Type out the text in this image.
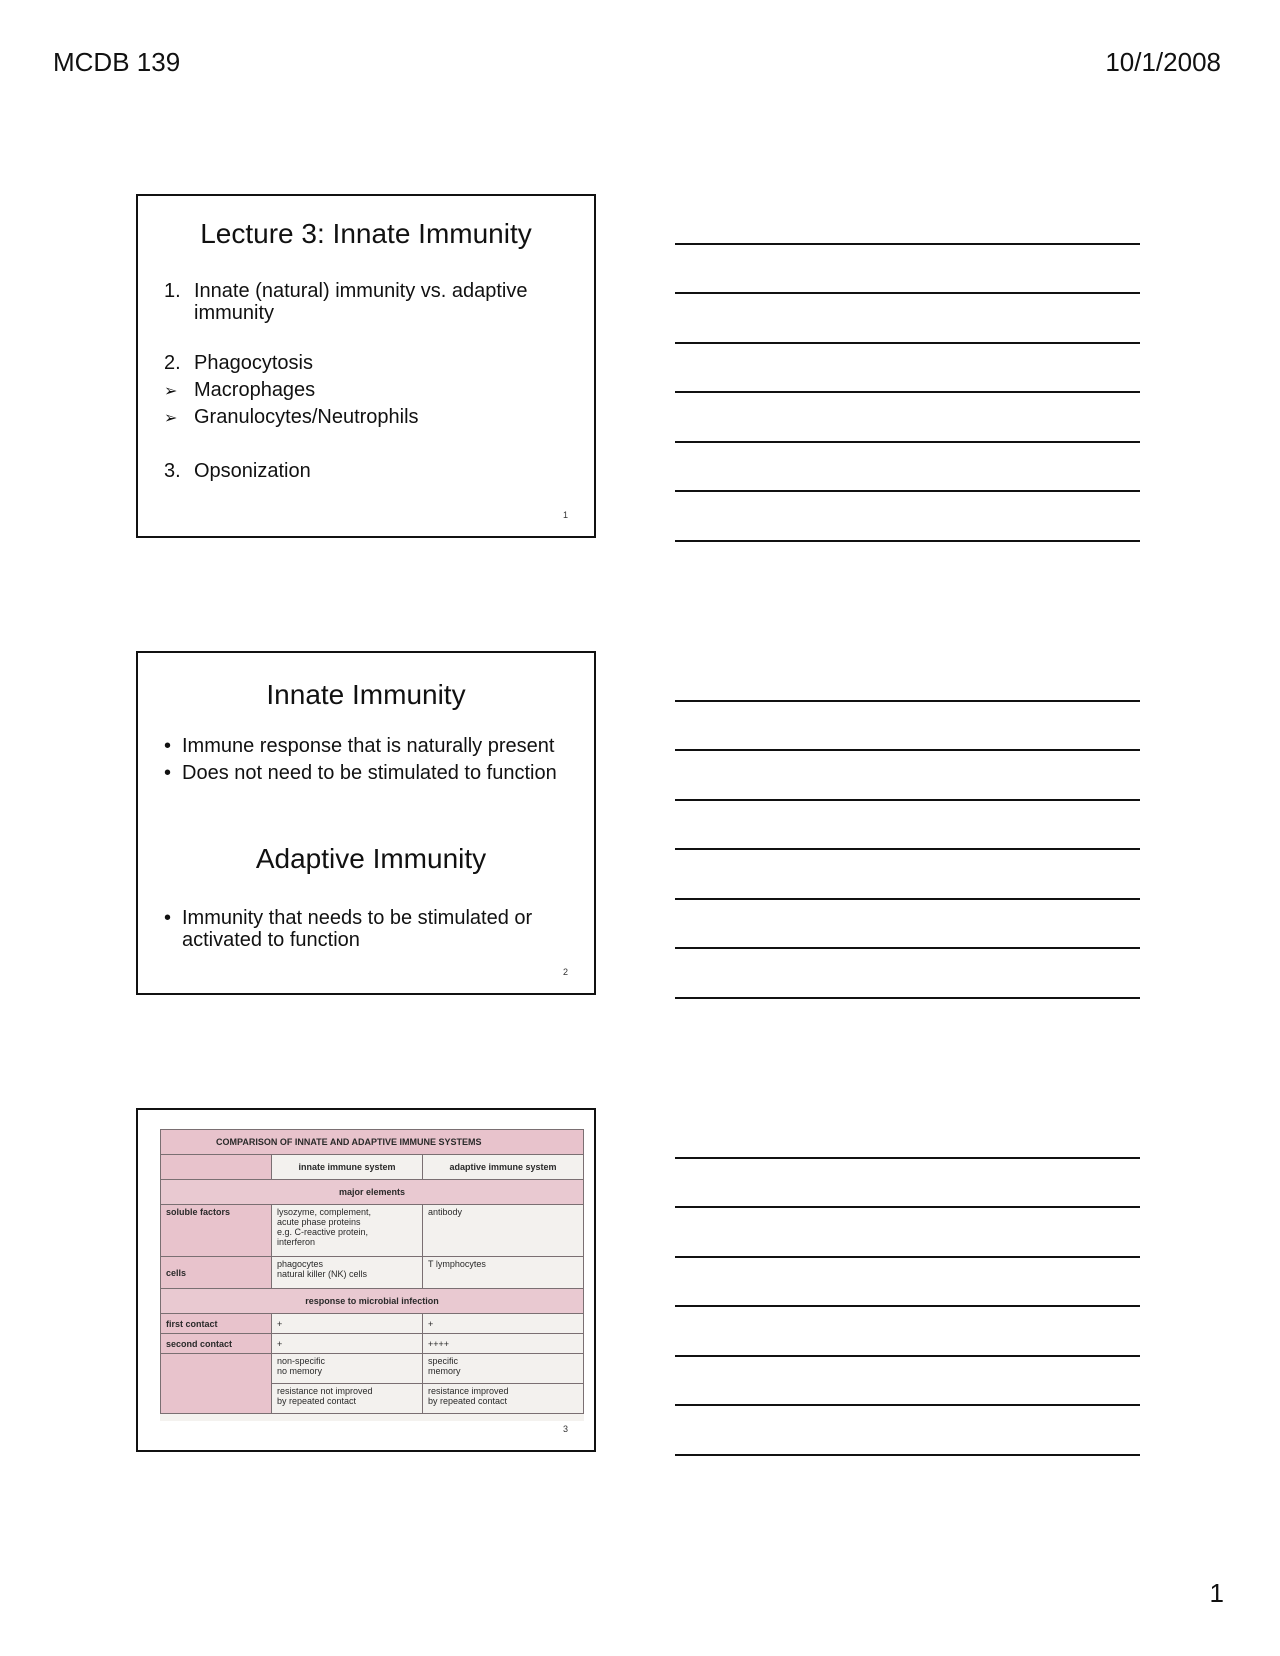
MCDB 139	10/1/2008
Lecture 3: Innate Immunity
1. Innate (natural) immunity vs. adaptive
immunity
2. Phagocytosis
➢ Macrophages
➢ Granulocytes/Neutrophils
3. Opsonization
1
Innate Immunity
• Immune response that is naturally present
• Does not need to be stimulated to function
Adaptive Immunity
• Immunity that needs to be stimulated or
activated to function
2
COMPARISON OF INNATE AND ADAPTIVE IMMUNE SYSTEMS		
	innate immune system	adaptive immune system
major elements		
soluble factors	lysozyme, complement,
acute phase proteins
e.g. C-reactive protein,
interferon	antibody
cells	phagocytes
natural killer (NK) cells	T lymphocytes
response to microbial infection		
first contact	+	+
second contact	+	++++

	non-specific
no memory	specific
memory

	resistance not improved
by repeated contact	resistance improved
by repeated contact
3
1
